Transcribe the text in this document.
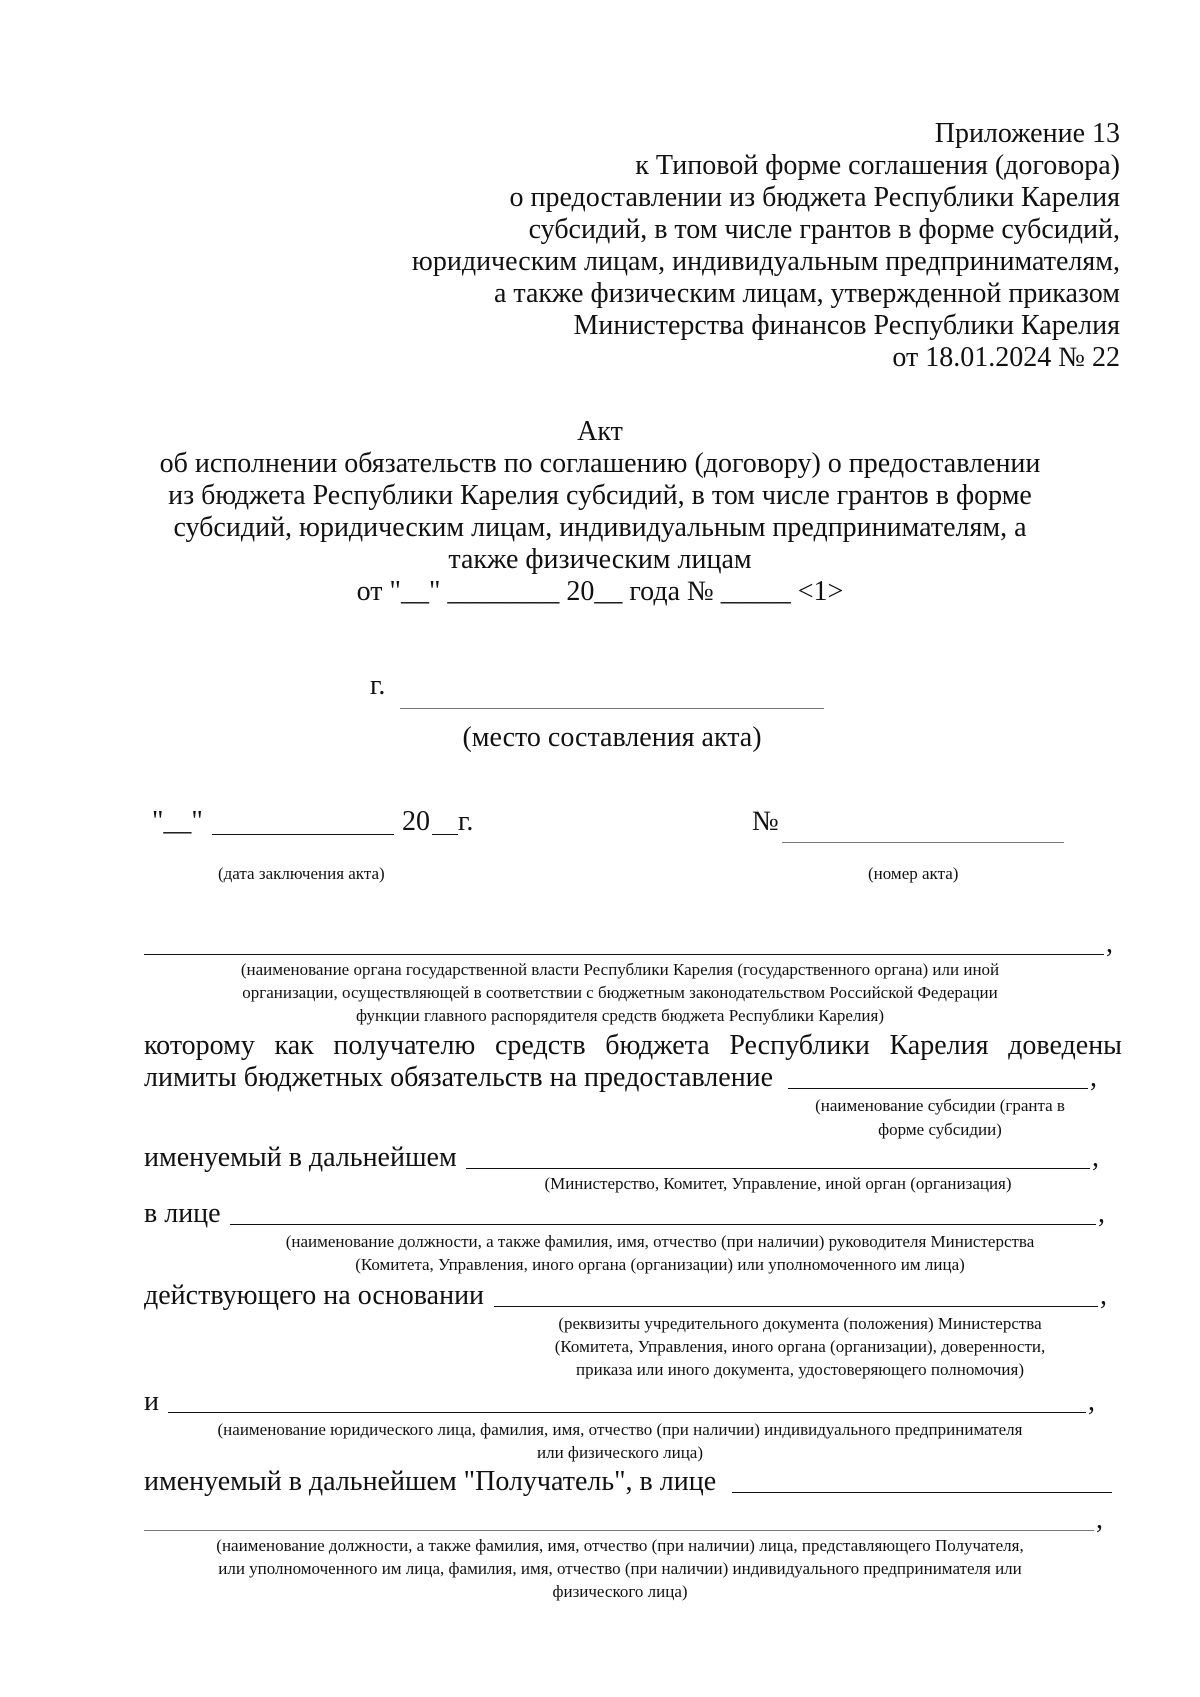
Приложение 13
к Типовой форме соглашения (договора)
о предоставлении из бюджета Республики Карелия
субсидий, в том числе грантов в форме субсидий,
юридическим лицам, индивидуальным предпринимателям,
а также физическим лицам, утвержденной приказом
Министерства финансов Республики Карелия
от 18.01.2024 № 22
Акт
об исполнении обязательств по соглашению (договору) о предоставлении
из бюджета Республики Карелия субсидий, в том числе грантов в форме
субсидий, юридическим лицам, индивидуальным предпринимателям, а
также физическим лицам
от "__" ________ 20__ года № _____ <1>
г.
(место составления акта)
"__"	20 г.	№
(дата заключения акта)	(номер акта)
,
(наименование органа государственной власти Республики Карелия (государственного органа) или иной
организации, осуществляющей в соответствии с бюджетным законодательством Российской Федерации
функции главного распорядителя средств бюджета Республики Карелия)
которому как получателю средств бюджета Республики Карелия доведены
лимиты бюджетных обязательств на предоставление	,
(наименование субсидии (гранта в
форме субсидии)
именуемый в дальнейшем	,
(Министерство, Комитет, Управление, иной орган (организация)
в лице	,
(наименование должности, а также фамилия, имя, отчество (при наличии) руководителя Министерства
(Комитета, Управления, иного органа (организации) или уполномоченного им лица)
действующего на основании	,
(реквизиты учредительного документа (положения) Министерства
(Комитета, Управления, иного органа (организации), доверенности,
приказа или иного документа, удостоверяющего полномочия)
и	,
(наименование юридического лица, фамилия, имя, отчество (при наличии) индивидуального предпринимателя
или физического лица)
именуемый в дальнейшем "Получатель", в лице
,
(наименование должности, а также фамилия, имя, отчество (при наличии) лица, представляющего Получателя,
или уполномоченного им лица, фамилия, имя, отчество (при наличии) индивидуального предпринимателя или
физического лица)
